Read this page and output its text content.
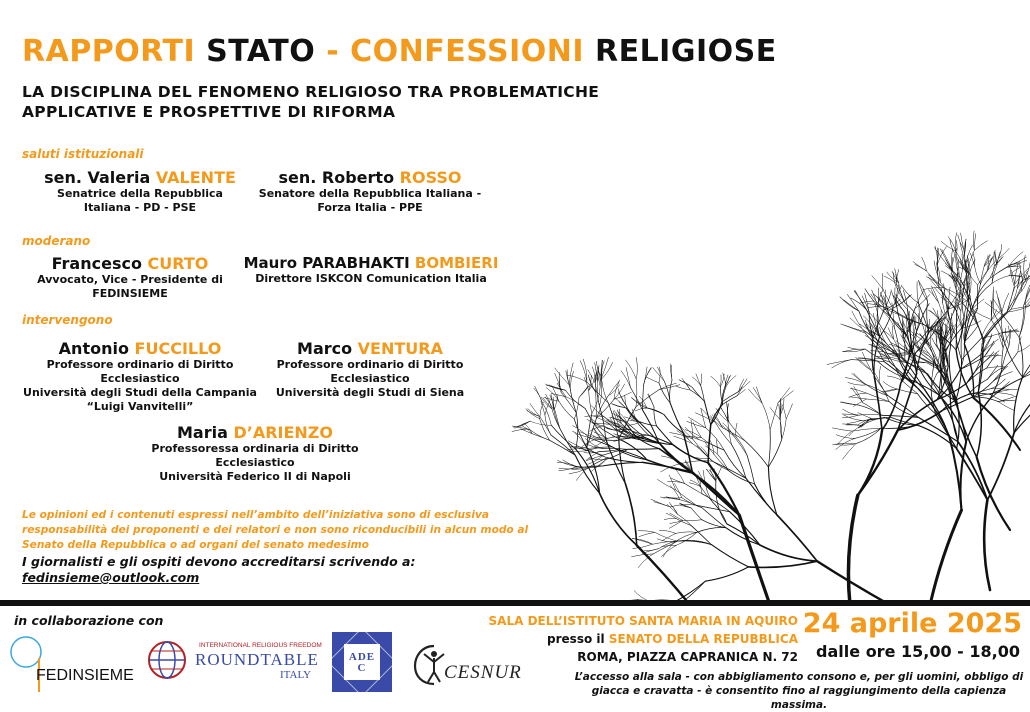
RAPPORTI STATO - CONFESSIONI RELIGIOSE
LA DISCIPLINA DEL FENOMENO RELIGIOSO TRA PROBLEMATICHE APPLICATIVE E PROSPETTIVE DI RIFORMA
saluti istituzionali
moderano
intervengono
sen. Valeria VALENTE
Senatrice della Repubblica
Italiana - PD - PSE
sen. Roberto ROSSO
Senatore della Repubblica Italiana -
Forza Italia - PPE
Francesco CURTO
Avvocato, Vice - Presidente di
FEDINSIEME
Mauro PARABHAKTI BOMBIERI
Direttore ISKCON Comunication Italia
Antonio FUCCILLO
Professore ordinario di Diritto Ecclesiastico
Università degli Studi della Campania
“Luigi Vanvitelli”
Marco VENTURA
Professore ordinario di Diritto
Ecclesiastico
Università degli Studi di Siena
Maria D’ARIENZO
Professoressa ordinaria di Diritto Ecclesiastico
Università Federico II di Napoli
Le opinioni ed i contenuti espressi nell’ambito dell’iniziativa sono di esclusiva
responsabilità dei proponenti e dei relatori e non sono riconducibili in alcun modo al
Senato della Repubblica o ad organi del senato medesimo
I giornalisti e gli ospiti devono accreditarsi scrivendo a:
fedinsieme@outlook.com
in collaborazione con
FEDINSIEME
INTERNATIONAL RELIGIOUS FREEDOM
ROUNDTABLE
ITALY
ADEC	CESNUR
SALA DELL’ISTITUTO SANTA MARIA IN AQUIRO
presso il SENATO DELLA REPUBBLICA
ROMA, PIAZZA CAPRANICA N. 72
24 aprile 2025
dalle ore 15,00 - 18,00
L’accesso alla sala - con abbigliamento consono e, per gli uomini, obbligo di
giacca e cravatta - è consentito fino al raggiungimento della capienza massima.
